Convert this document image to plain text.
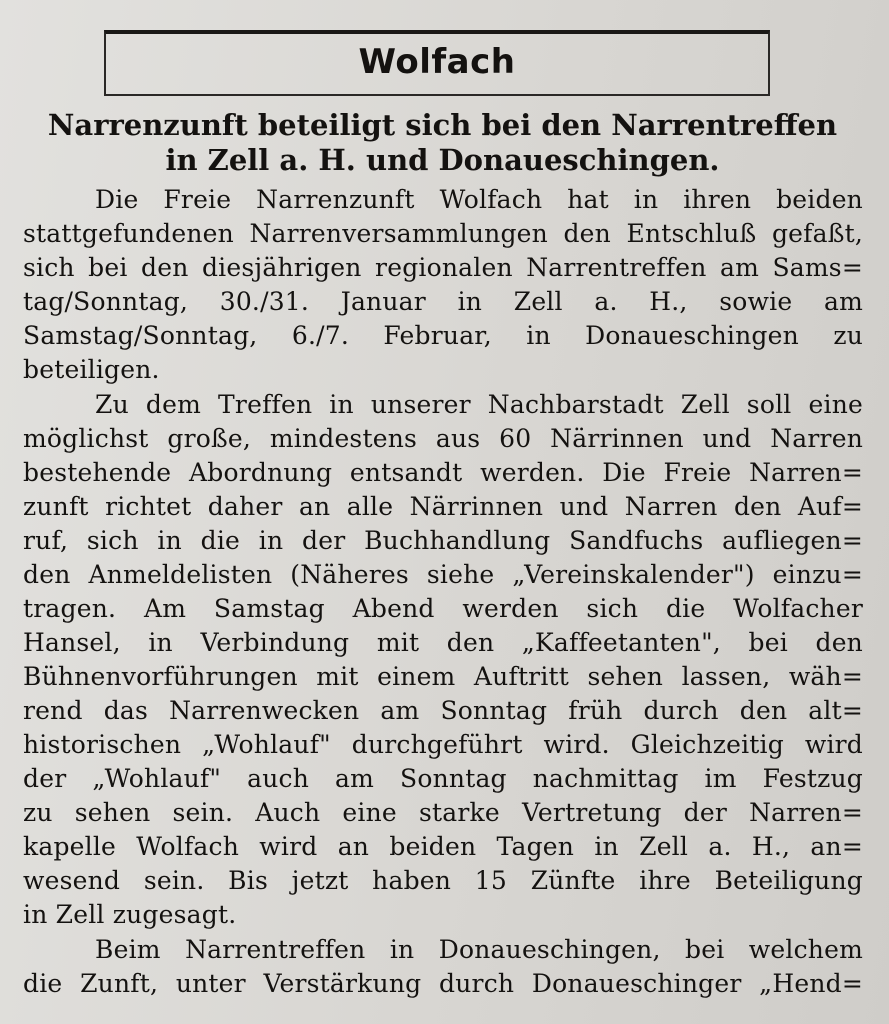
Wolfach
Narrenzunft beteiligt sich bei den Narrentreffen
in Zell a. H. und Donaueschingen.
Die Freie Narrenzunft Wolfach hat in ihren beiden
stattgefundenen Narrenversammlungen den Entschluß gefaßt,
sich bei den diesjährigen regionalen Narrentreffen am Sams=
tag/Sonntag, 30./31. Januar in Zell a. H., sowie am
Samstag/Sonntag, 6./7. Februar, in Donaueschingen zu
beteiligen.
Zu dem Treffen in unserer Nachbarstadt Zell soll eine
möglichst große, mindestens aus 60 Närrinnen und Narren
bestehende Abordnung entsandt werden. Die Freie Narren=
zunft richtet daher an alle Närrinnen und Narren den Auf=
ruf, sich in die in der Buchhandlung Sandfuchs aufliegen=
den Anmeldelisten (Näheres siehe „Vereinskalender") einzu=
tragen. Am Samstag Abend werden sich die Wolfacher
Hansel, in Verbindung mit den „Kaffeetanten", bei den
Bühnenvorführungen mit einem Auftritt sehen lassen, wäh=
rend das Narrenwecken am Sonntag früh durch den alt=
historischen „Wohlauf" durchgeführt wird. Gleichzeitig wird
der „Wohlauf" auch am Sonntag nachmittag im Festzug
zu sehen sein. Auch eine starke Vertretung der Narren=
kapelle Wolfach wird an beiden Tagen in Zell a. H., an=
wesend sein. Bis jetzt haben 15 Zünfte ihre Beteiligung
in Zell zugesagt.
Beim Narrentreffen in Donaueschingen, bei welchem
die Zunft, unter Verstärkung durch Donaueschinger „Hend=
